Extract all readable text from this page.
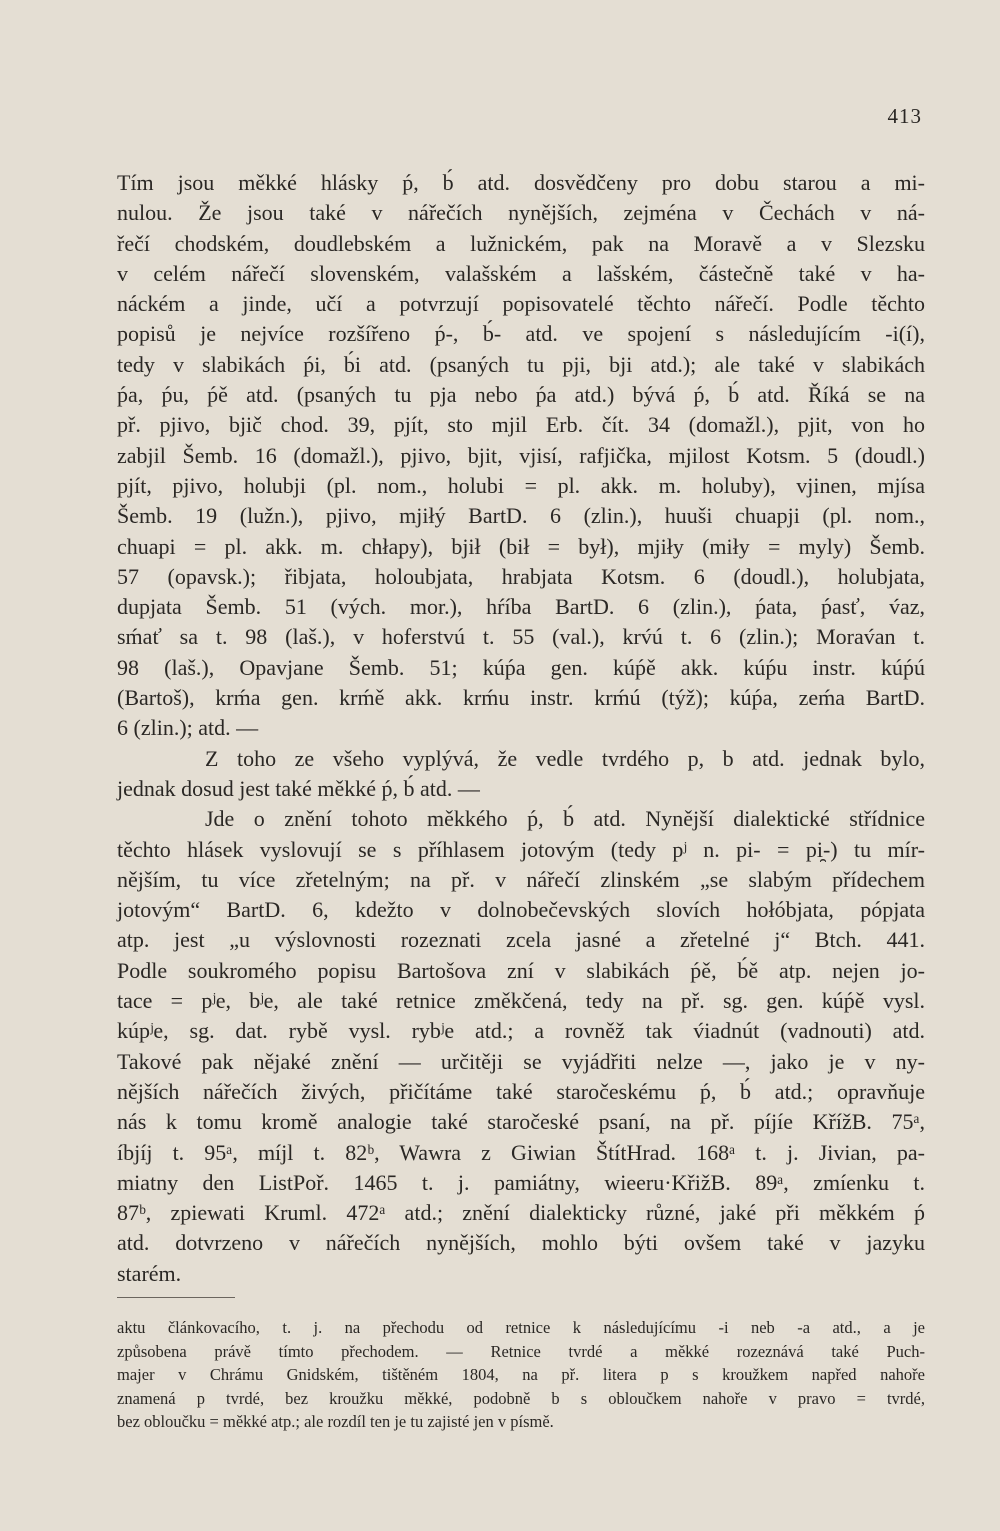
413
Tím jsou měkké hlásky ṕ, b́ atd. dosvědčeny pro dobu starou a mi-
nulou. Že jsou také v nářečích nynějších, zejména v Čechách v ná-
řečí chodském, doudlebském a lužnickém, pak na Moravě a v Slezsku
v celém nářečí slovenském, valašském a lašském, částečně také v ha-
náckém a jinde, učí a potvrzují popisovatelé těchto nářečí. Podle těchto
popisů je nejvíce rozšířeno ṕ-, b́- atd. ve spojení s následujícím -i(í),
tedy v slabikách ṕi, b́i atd. (psaných tu pji, bji atd.); ale také v slabikách
ṕa, ṕu, ṕě atd. (psaných tu pja nebo ṕa atd.) bývá ṕ, b́ atd. Říká se na
př. pjivo, bjič chod. 39, pjít, sto mjil Erb. čít. 34 (domažl.), pjit, von ho
zabjil Šemb. 16 (domažl.), pjivo, bjit, vjisí, rafjička, mjilost Kotsm. 5 (doudl.)
pjít, pjivo, holubji (pl. nom., holubi = pl. akk. m. holuby), vjinen, mjísa
Šemb. 19 (lužn.), pjivo, mjiłý BartD. 6 (zlin.), huuši chuapji (pl. nom.,
chuapi = pl. akk. m. chłapy), bjił (bił = był), mjiły (miły = myly) Šemb.
57 (opavsk.); řibjata, holoubjata, hrabjata Kotsm. 6 (doudl.), holubjata,
dupjata Šemb. 51 (vých. mor.), hŕíba BartD. 6 (zlin.), ṕata, ṕasť, v́az,
sḿať sa t. 98 (laš.), v hoferstvú t. 55 (val.), krv́ú t. 6 (zlin.); Morav́an t.
98 (laš.), Opavjane Šemb. 51; kúṕa gen. kúṕě akk. kúṕu instr. kúṕú
(Bartoš), krḿa gen. krḿě akk. krḿu instr. krḿú (týž); kúṕa, zeḿa BartD.
6 (zlin.); atd. —
Z toho ze všeho vyplývá, že vedle tvrdého p, b atd. jednak bylo,
jednak dosud jest také měkké ṕ, b́ atd. —
Jde o znění tohoto měkkého ṕ, b́ atd. Nynější dialektické střídnice
těchto hlásek vyslovují se s příhlasem jotovým (tedy pʲ n. pi- = pi̯-) tu mír-
nějším, tu více zřetelným; na př. v nářečí zlinském „se slabým přídechem
jotovým“ BartD. 6, kdežto v dolnobečevských slovích hołóbjata, pópjata
atp. jest „u výslovnosti rozeznati zcela jasné a zřetelné j“ Btch. 441.
Podle soukromého popisu Bartošova zní v slabikách ṕě, b́ě atp. nejen jo-
tace = pʲe, bʲe, ale také retnice změkčená, tedy na př. sg. gen. kúṕě vysl.
kúpʲe, sg. dat. rybě vysl. rybʲe atd.; a rovněž tak v́iadnút (vadnouti) atd.
Takové pak nějaké znění — určitěji se vyjádřiti nelze —, jako je v ny-
nějších nářečích živých, přičítáme také staročeskému ṕ, b́ atd.; opravňuje
nás k tomu kromě analogie také staročeské psaní, na př. píjíe KřížB. 75ᵃ,
íbjíj t. 95ᵃ, míjl t. 82ᵇ, Wawra z Giwian ŠtítHrad. 168ᵃ t. j. Jivian, pa-
miatny den ListPoř. 1465 t. j. pamiátny, wieeru·KřižB. 89ᵃ, zmíenku t.
87ᵇ, zpiewati Kruml. 472ᵃ atd.; znění dialekticky různé, jaké při měkkém ṕ
atd. dotvrzeno v nářečích nynějších, mohlo býti ovšem také v jazyku
starém.
aktu článkovacího, t. j. na přechodu od retnice k následujícímu -i neb -a atd., a je
způsobena právě tímto přechodem. — Retnice tvrdé a měkké rozeznává také Puch-
majer v Chrámu Gnidském, tištěném 1804, na př. litera p s kroužkem napřed nahoře
znamená p tvrdé, bez kroužku měkké, podobně b s obloučkem nahoře v pravo = tvrdé,
bez obloučku = měkké atp.; ale rozdíl ten je tu zajisté jen v písmě.
